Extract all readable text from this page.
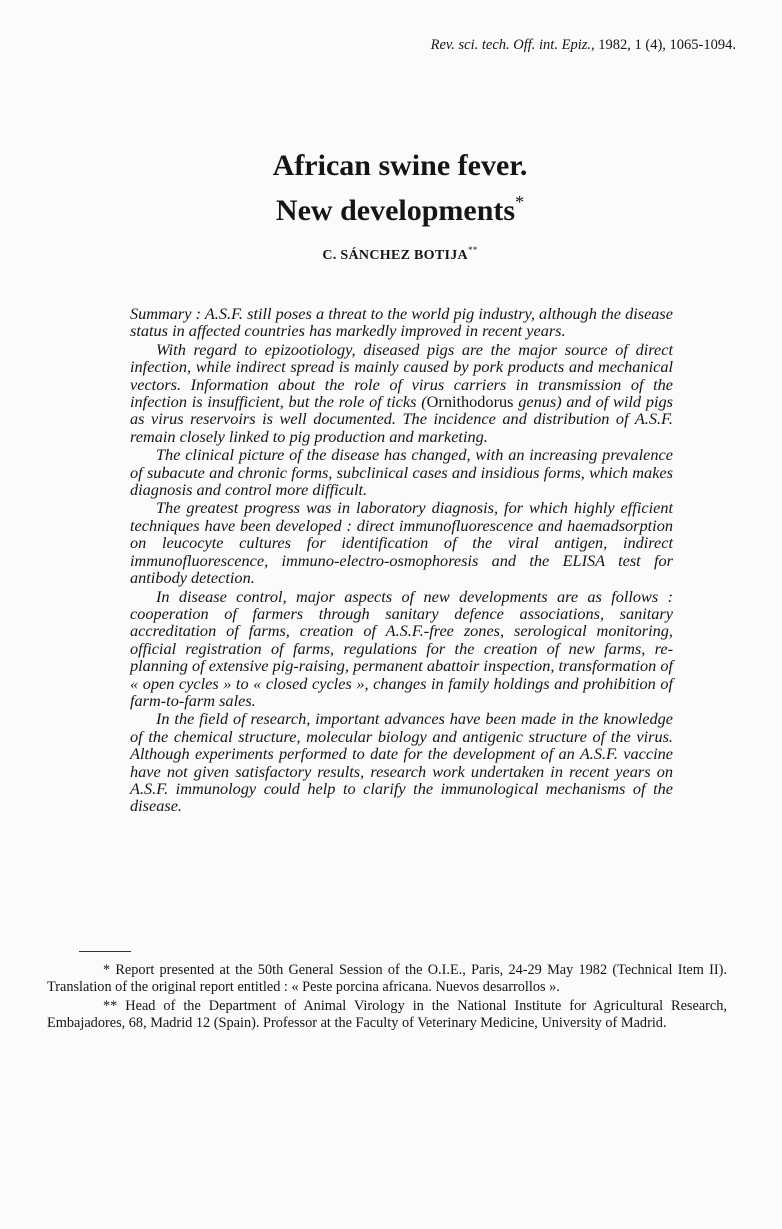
Rev. sci. tech. Off. int. Epiz., 1982, 1 (4), 1065-1094.
African swine fever.
New developments*
C. SÁNCHEZ BOTIJA**

Summary : A.S.F. still poses a threat to the world pig industry, although the disease status in affected countries has markedly improved in recent years.

With regard to epizootiology, diseased pigs are the major source of direct infection, while indirect spread is mainly caused by pork products and mechanical vectors. Information about the role of virus carriers in transmission of the infection is insufficient, but the role of ticks (Ornithodorus genus) and of wild pigs as virus reservoirs is well documented. The incidence and distribution of A.S.F. remain closely linked to pig production and marketing.

The clinical picture of the disease has changed, with an increasing prevalence of subacute and chronic forms, subclinical cases and insidious forms, which makes diagnosis and control more difficult.

The greatest progress was in laboratory diagnosis, for which highly efficient techniques have been developed : direct immunofluorescence and haemadsorption on leucocyte cultures for identification of the viral antigen, indirect immunofluorescence, immuno-electro-osmophoresis and the ELISA test for antibody detection.

In disease control, major aspects of new developments are as follows : cooperation of farmers through sanitary defence associations, sanitary accreditation of farms, creation of A.S.F.-free zones, serological monitoring, official registration of farms, regulations for the creation of new farms, re-planning of extensive pig-raising, permanent abattoir inspection, transformation of « open cycles » to « closed cycles », changes in family holdings and prohibition of farm-to-farm sales.

In the field of research, important advances have been made in the knowledge of the chemical structure, molecular biology and antigenic structure of the virus. Although experiments performed to date for the development of an A.S.F. vaccine have not given satisfactory results, research work undertaken in recent years on A.S.F. immunology could help to clarify the immunological mechanisms of the disease.

* Report presented at the 50th General Session of the O.I.E., Paris, 24-29 May 1982 (Technical Item II). Translation of the original report entitled : « Peste porcina africana. Nuevos desarrollos ».

** Head of the Department of Animal Virology in the National Institute for Agricultural Research, Embajadores, 68, Madrid 12 (Spain). Professor at the Faculty of Veterinary Medicine, University of Madrid.
